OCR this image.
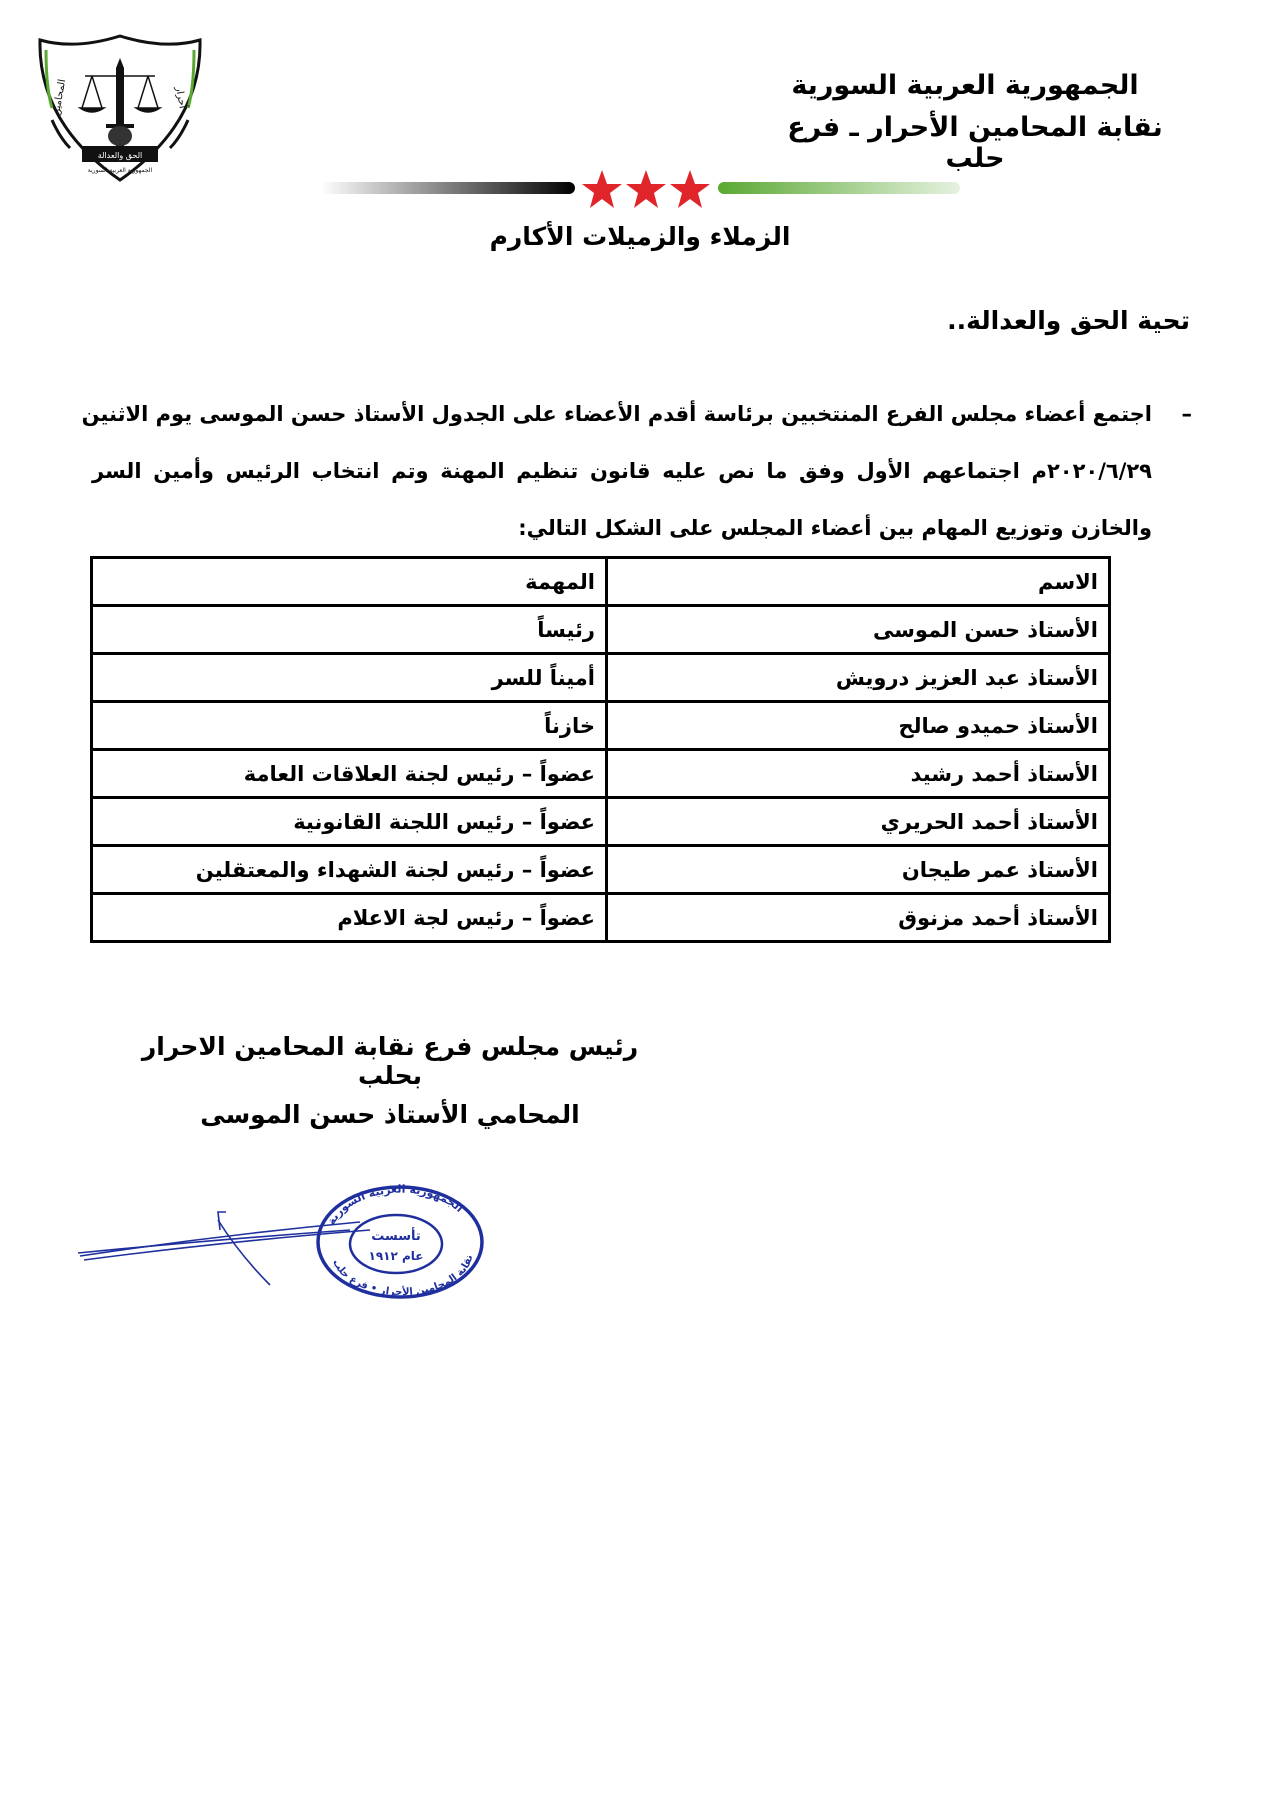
الحق والعدالة
الجمهورية العربية السورية
المحامين	أحرار	الجمهورية العربية السورية
نقابة المحامين الأحرار ـ فرع حلب
الزملاء والزميلات الأكارم
تحية الحق والعدالة..
–
اجتمع أعضاء مجلس الفرع المنتخبين برئاسة أقدم الأعضاء على الجدول الأستاذ حسن الموسى يوم الاثنين
٢٠٢٠/٦/٢٩م اجتماعهم الأول وفق ما نص عليه قانون تنظيم المهنة وتم انتخاب الرئيس وأمين السر
والخازن وتوزيع المهام بين أعضاء المجلس على الشكل التالي:
الاسم	المهمة
الأستاذ حسن الموسى	رئيساً
الأستاذ عبد العزيز درويش	أميناً للسر
الأستاذ حميدو صالح	خازناً
الأستاذ أحمد رشيد	عضواً – رئيس لجنة العلاقات العامة
الأستاذ أحمد الحريري	عضواً – رئيس اللجنة القانونية
الأستاذ عمر طيجان	عضواً – رئيس لجنة الشهداء والمعتقلين
الأستاذ أحمد مزنوق	عضواً – رئيس لجة الاعلام
رئيس مجلس فرع نقابة المحامين الاحرار بحلب
المحامي الأستاذ حسن الموسى
الجمهورية العربية السورية
نقابة المحامين الأحرار • فرع حلب
تأسست
عام ١٩١٢
